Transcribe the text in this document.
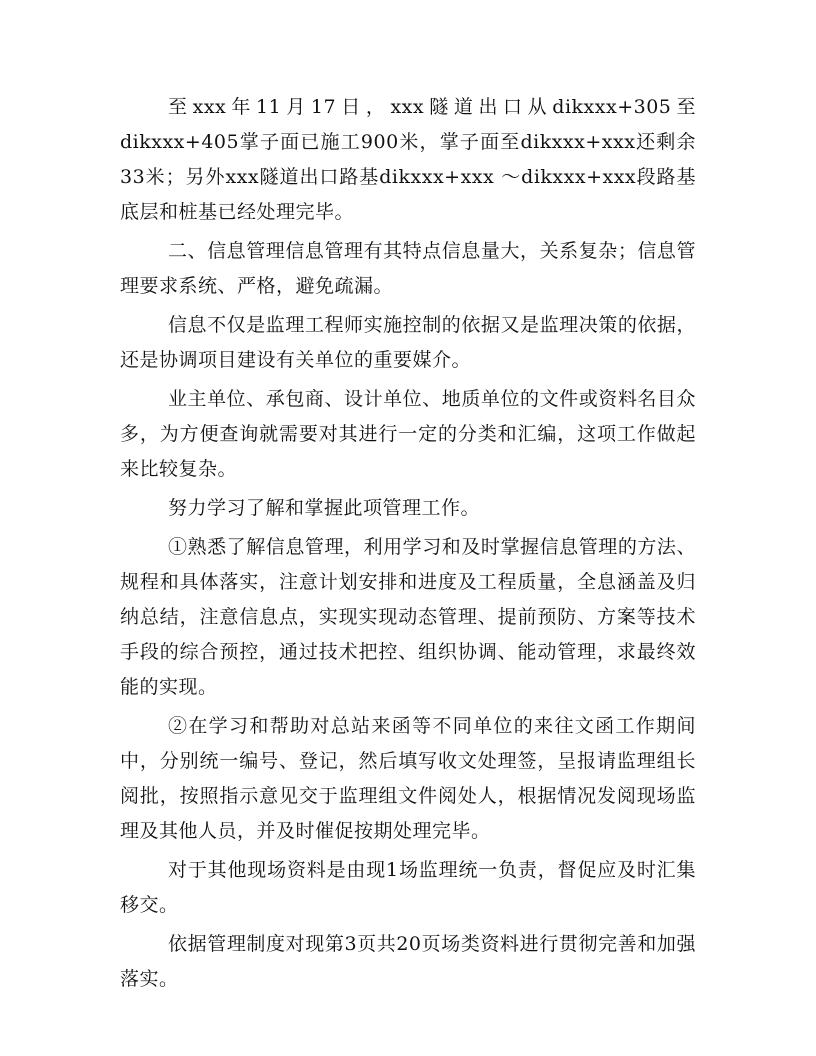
至xxx年11月17日，xxx隧道出口从dikxxx+305至dikxxx+405掌子面已施工900米，掌子面至dikxxx+xxx还剩余33米；另外xxx隧道出口路基dikxxx+xxx ～dikxxx+xxx段路基底层和桩基已经处理完毕。

二、信息管理信息管理有其特点信息量大，关系复杂；信息管理要求系统、严格，避免疏漏。

信息不仅是监理工程师实施控制的依据又是监理决策的依据，还是协调项目建设有关单位的重要媒介。

业主单位、承包商、设计单位、地质单位的文件或资料名目众多，为方便查询就需要对其进行一定的分类和汇编，这项工作做起来比较复杂。

努力学习了解和掌握此项管理工作。

①熟悉了解信息管理，利用学习和及时掌握信息管理的方法、规程和具体落实，注意计划安排和进度及工程质量，全息涵盖及归纳总结，注意信息点，实现实现动态管理、提前预防、方案等技术手段的综合预控，通过技术把控、组织协调、能动管理，求最终效能的实现。

②在学习和帮助对总站来函等不同单位的来往文函工作期间中，分别统一编号、登记，然后填写收文处理签，呈报请监理组长阅批，按照指示意见交于监理组文件阅处人，根据情况发阅现场监理及其他人员，并及时催促按期处理完毕。

对于其他现场资料是由现1场监理统一负责，督促应及时汇集移交。

依据管理制度对现第3页共20页场类资料进行贯彻完善和加强落实。
